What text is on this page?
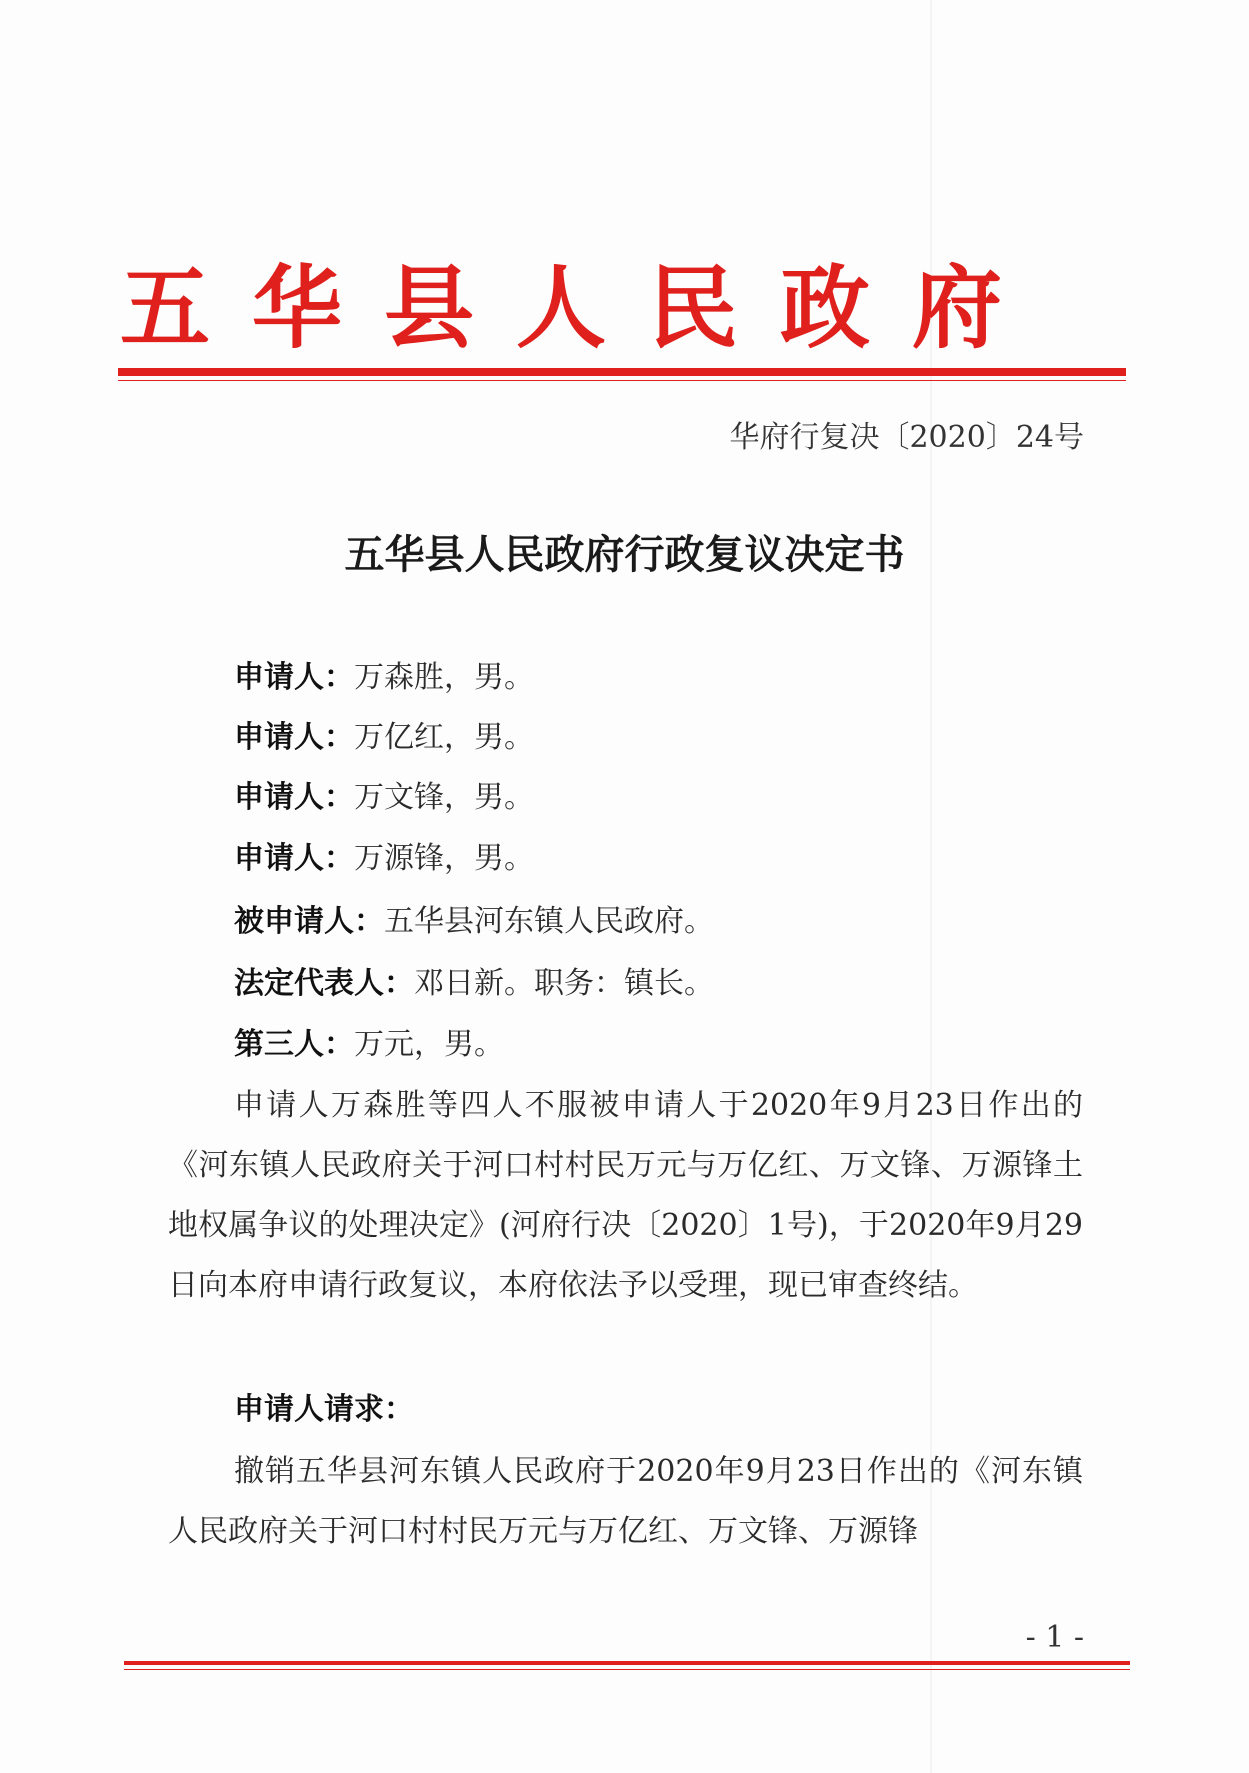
五华县人民政府
华府行复决〔2020〕24号
五华县人民政府行政复议决定书
申请人：万森胜，男。
申请人：万亿红，男。
申请人：万文锋，男。
申请人：万源锋，男。
被申请人：五华县河东镇人民政府。
法定代表人：邓日新。职务：镇长。
第三人：万元，男。
申请人万森胜等四人不服被申请人于2020年9月23日作出的《河东镇人民政府关于河口村村民万元与万亿红、万文锋、万源锋土地权属争议的处理决定》(河府行决〔2020〕1号)，于2020年9月29日向本府申请行政复议，本府依法予以受理，现已审查终结。
申请人请求：
撤销五华县河东镇人民政府于2020年9月23日作出的《河东镇人民政府关于河口村村民万元与万亿红、万文锋、万源锋
- 1 -
